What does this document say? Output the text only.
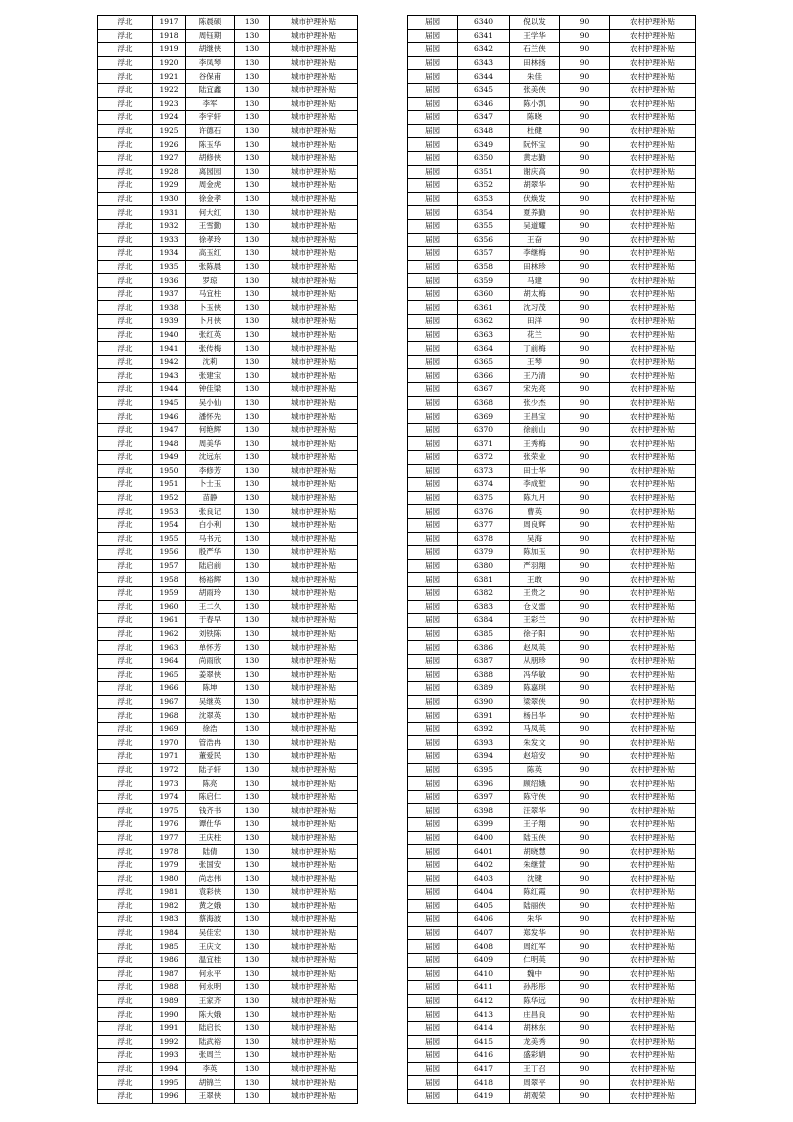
浮北	1917	陈晨硕	130	城市护理补贴
浮北	1918	周钰期	130	城市护理补贴
浮北	1919	胡继侠	130	城市护理补贴
浮北	1920	李凤琴	130	城市护理补贴
浮北	1921	谷保甫	130	城市护理补贴
浮北	1922	陆宜鑫	130	城市护理补贴
浮北	1923	李军	130	城市护理补贴
浮北	1924	李宇轩	130	城市护理补贴
浮北	1925	许德石	130	城市护理补贴
浮北	1926	陈玉华	130	城市护理补贴
浮北	1927	胡修侠	130	城市护理补贴
浮北	1928	离园园	130	城市护理补贴
浮北	1929	周金虎	130	城市护理补贴
浮北	1930	徐金孝	130	城市护理补贴
浮北	1931	何大红	130	城市护理补贴
浮北	1932	王雪勤	130	城市护理补贴
浮北	1933	徐孝玲	130	城市护理补贴
浮北	1934	高玉红	130	城市护理补贴
浮北	1935	张陈晨	130	城市护理补贴
浮北	1936	罗琼	130	城市护理补贴
浮北	1937	马宜柱	130	城市护理补贴
浮北	1938	卜玉侠	130	城市护理补贴
浮北	1939	卜月侠	130	城市护理补贴
浮北	1940	张红英	130	城市护理补贴
浮北	1941	张传梅	130	城市护理补贴
浮北	1942	沈莉	130	城市护理补贴
浮北	1943	张建宝	130	城市护理补贴
浮北	1944	钟佳梁	130	城市护理补贴
浮北	1945	吴小仙	130	城市护理补贴
浮北	1946	潘怀先	130	城市护理补贴
浮北	1947	何艳辉	130	城市护理补贴
浮北	1948	周美华	130	城市护理补贴
浮北	1949	沈远东	130	城市护理补贴
浮北	1950	李修芳	130	城市护理补贴
浮北	1951	卜士玉	130	城市护理补贴
浮北	1952	苗静	130	城市护理补贴
浮北	1953	张良记	130	城市护理补贴
浮北	1954	白小利	130	城市护理补贴
浮北	1955	马书元	130	城市护理补贴
浮北	1956	殷严华	130	城市护理补贴
浮北	1957	陆启前	130	城市护理补贴
浮北	1958	杨裕辉	130	城市护理补贴
浮北	1959	胡雨玲	130	城市护理补贴
浮北	1960	王二久	130	城市护理补贴
浮北	1961	于春早	130	城市护理补贴
浮北	1962	刘铁陈	130	城市护理补贴
浮北	1963	单怀芳	130	城市护理补贴
浮北	1964	尚雨欣	130	城市护理补贴
浮北	1965	姜翠侠	130	城市护理补贴
浮北	1966	陈坤	130	城市护理补贴
浮北	1967	吴继英	130	城市护理补贴
浮北	1968	沈翠英	130	城市护理补贴
浮北	1969	徐浩	130	城市护理补贴
浮北	1970	管浩冉	130	城市护理补贴
浮北	1971	董爱民	130	城市护理补贴
浮北	1972	陆子轩	130	城市护理补贴
浮北	1973	陈亮	130	城市护理补贴
浮北	1974	陈启仁	130	城市护理补贴
浮北	1975	钱齐书	130	城市护理补贴
浮北	1976	谭仕华	130	城市护理补贴
浮北	1977	王庆柱	130	城市护理补贴
浮北	1978	陆倩	130	城市护理补贴
浮北	1979	张国安	130	城市护理补贴
浮北	1980	尚志伟	130	城市护理补贴
浮北	1981	袁彩侠	130	城市护理补贴
浮北	1982	黄之娥	130	城市护理补贴
浮北	1983	蔡海波	130	城市护理补贴
浮北	1984	吴佳宏	130	城市护理补贴
浮北	1985	王庆文	130	城市护理补贴
浮北	1986	温宜桂	130	城市护理补贴
浮北	1987	何永平	130	城市护理补贴
浮北	1988	何永明	130	城市护理补贴
浮北	1989	王家齐	130	城市护理补贴
浮北	1990	陈大娥	130	城市护理补贴
浮北	1991	陆启长	130	城市护理补贴
浮北	1992	陆武裕	130	城市护理补贴
浮北	1993	张周兰	130	城市护理补贴
浮北	1994	李英	130	城市护理补贴
浮北	1995	胡锦兰	130	城市护理补贴
浮北	1996	王翠侠	130	城市护理补贴
届园	6340	倪以发	90	农村护理补贴
届园	6341	王学华	90	农村护理补贴
届园	6342	石兰侠	90	农村护理补贴
届园	6343	田林扬	90	农村护理补贴
届园	6344	朱佳	90	农村护理补贴
届园	6345	张美侠	90	农村护理补贴
届园	6346	陈小凯	90	农村护理补贴
届园	6347	陈晓	90	农村护理补贴
届园	6348	杜健	90	农村护理补贴
届园	6349	阮怀宝	90	农村护理补贴
届园	6350	黄志勤	90	农村护理补贴
届园	6351	谢庆高	90	农村护理补贴
届园	6352	胡翠华	90	农村护理补贴
届园	6353	伏焕发	90	农村护理补贴
届园	6354	夏养勤	90	农村护理补贴
届园	6355	吴道耀	90	农村护理补贴
届园	6356	王奋	90	农村护理补贴
届园	6357	李继梅	90	农村护理补贴
届园	6358	田林珍	90	农村护理补贴
届园	6359	马建	90	农村护理补贴
届园	6360	胡太梅	90	农村护理补贴
届园	6361	沈习茂	90	农村护理补贴
届园	6362	田洋	90	农村护理补贴
届园	6363	花兰	90	农村护理补贴
届园	6364	丁前梅	90	农村护理补贴
届园	6365	王琴	90	农村护理补贴
届园	6366	王乃清	90	农村护理补贴
届园	6367	宋先亮	90	农村护理补贴
届园	6368	张少杰	90	农村护理补贴
届园	6369	王昌宝	90	农村护理补贴
届园	6370	徐前山	90	农村护理补贴
届园	6371	王秀梅	90	农村护理补贴
届园	6372	张荣业	90	农村护理补贴
届园	6373	田士华	90	农村护理补贴
届园	6374	李成堑	90	农村护理补贴
届园	6375	陈九月	90	农村护理补贴
届园	6376	曹英	90	农村护理补贴
届园	6377	周良辉	90	农村护理补贴
届园	6378	吴海	90	农村护理补贴
届园	6379	陈加玉	90	农村护理补贴
届园	6380	严羽翔	90	农村护理补贴
届园	6381	王敢	90	农村护理补贴
届园	6382	王贵之	90	农村护理补贴
届园	6383	仓义雷	90	农村护理补贴
届园	6384	王彩兰	90	农村护理补贴
届园	6385	徐子阳	90	农村护理补贴
届园	6386	赵凤英	90	农村护理补贴
届园	6387	从朋珍	90	农村护理补贴
届园	6388	冯华敏	90	农村护理补贴
届园	6389	陈嘉琪	90	农村护理补贴
届园	6390	梁翠侠	90	农村护理补贴
届园	6391	杨吕华	90	农村护理补贴
届园	6392	马凤英	90	农村护理补贴
届园	6393	朱发文	90	农村护理补贴
届园	6394	赵培安	90	农村护理补贴
届园	6395	陈英	90	农村护理补贴
届园	6396	顾绍娥	90	农村护理补贴
届园	6397	陈守侠	90	农村护理补贴
届园	6398	汪翠华	90	农村护理补贴
届园	6399	王子翔	90	农村护理补贴
届园	6400	陆玉侠	90	农村护理补贴
届园	6401	胡晓慧	90	农村护理补贴
届园	6402	朱继萱	90	农村护理补贴
届园	6403	沈键	90	农村护理补贴
届园	6404	陈红霞	90	农村护理补贴
届园	6405	陆丽侠	90	农村护理补贴
届园	6406	朱华	90	农村护理补贴
届园	6407	郑发华	90	农村护理补贴
届园	6408	周红军	90	农村护理补贴
届园	6409	仁明英	90	农村护理补贴
届园	6410	魏中	90	农村护理补贴
届园	6411	孙彤彤	90	农村护理补贴
届园	6412	陈华远	90	农村护理补贴
届园	6413	庄昌良	90	农村护理补贴
届园	6414	胡林东	90	农村护理补贴
届园	6415	龙美秀	90	农村护理补贴
届园	6416	盛彩娟	90	农村护理补贴
届园	6417	王丁召	90	农村护理补贴
届园	6418	周翠平	90	农村护理补贴
届园	6419	胡观荣	90	农村护理补贴
